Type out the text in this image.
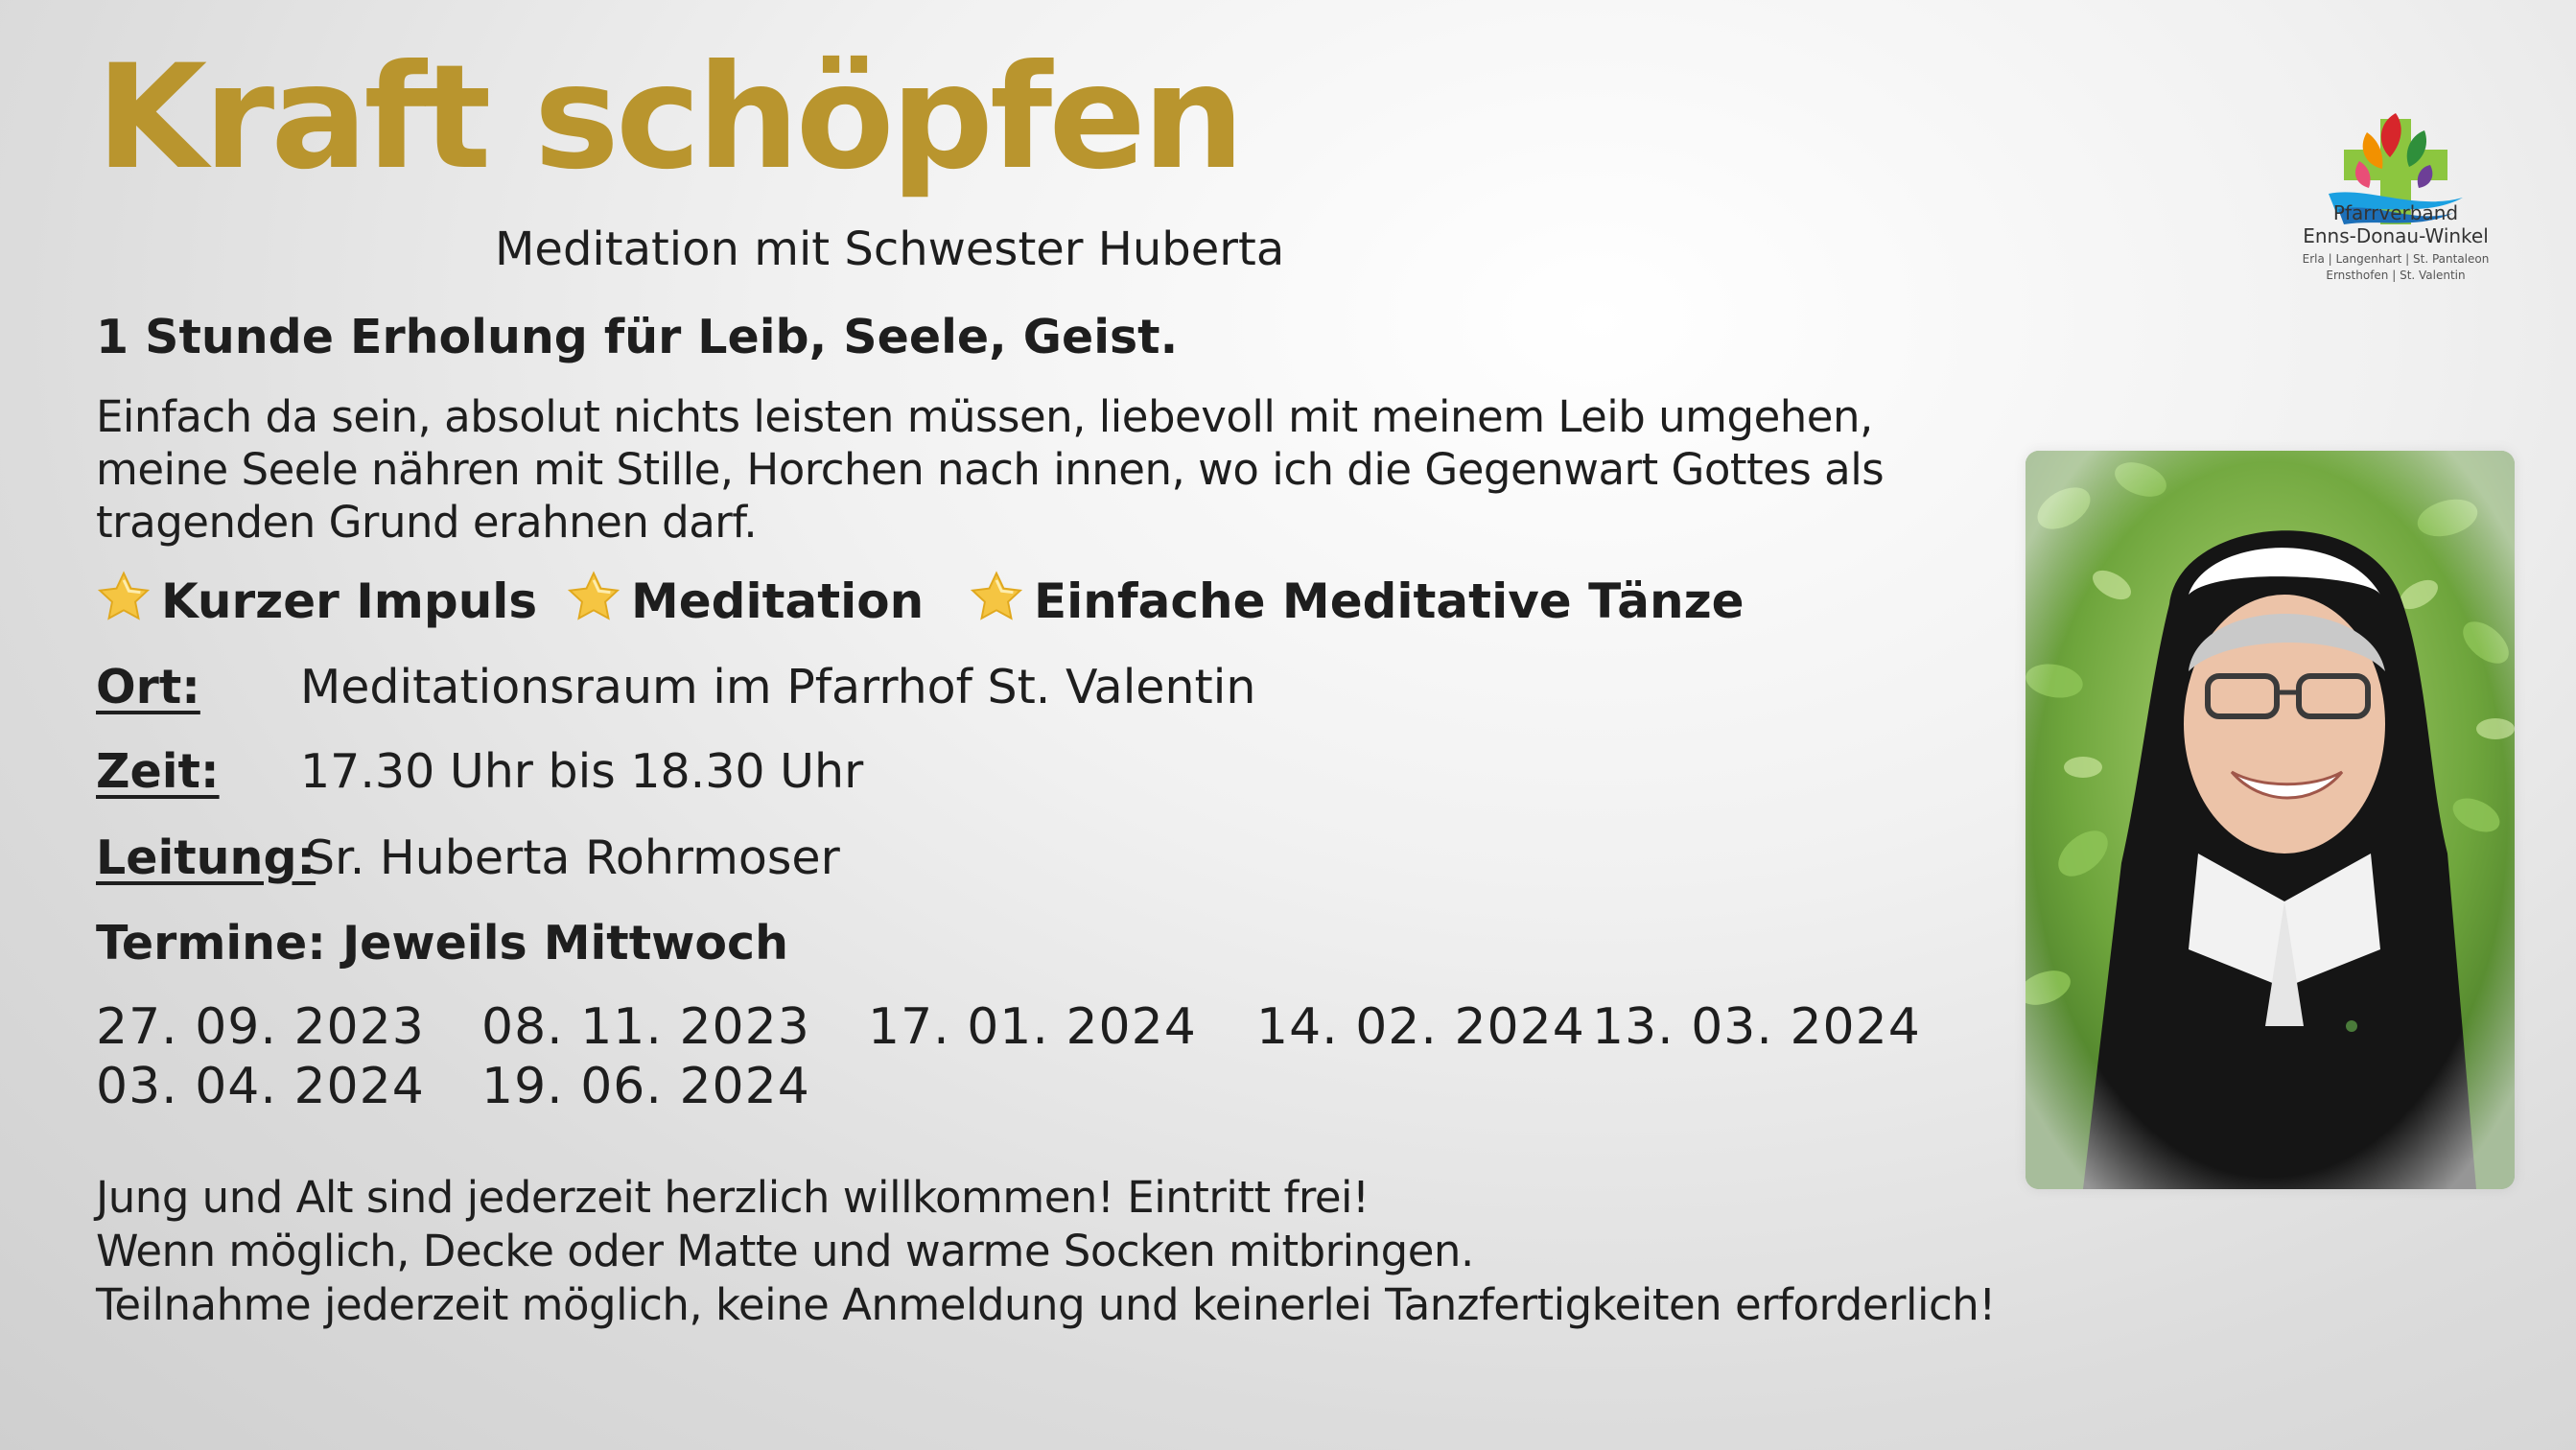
Kraft schöpfen
Meditation mit Schwester Huberta
1 Stunde Erholung für Leib, Seele, Geist.
Einfach da sein, absolut nichts leisten müssen, liebevoll mit meinem Leib umgehen, meine Seele nähren mit Stille, Horchen nach innen, wo ich die Gegenwart Gottes als tragenden Grund erahnen darf.
Kurzer Impuls	Meditation	Einfache Meditative Tänze
Ort: Meditationsraum im Pfarrhof St. Valentin
Zeit: 17.30 Uhr bis 18.30 Uhr
Leitung:
Sr. Huberta Rohrmoser
Termine: Jeweils Mittwoch
27. 09. 2023 08. 11. 2023 17. 01. 2024 14. 02. 2024 13. 03. 2024
03. 04. 2024 19. 06. 2024
Jung und Alt sind jederzeit herzlich willkommen! Eintritt frei!
Wenn möglich, Decke oder Matte und warme Socken mitbringen.
Teilnahme jederzeit möglich, keine Anmeldung und keinerlei Tanzfertigkeiten erforderlich!
Pfarrverband
Enns-Donau-Winkel
Erla | Langenhart | St. Pantaleon
Ernsthofen | St. Valentin
